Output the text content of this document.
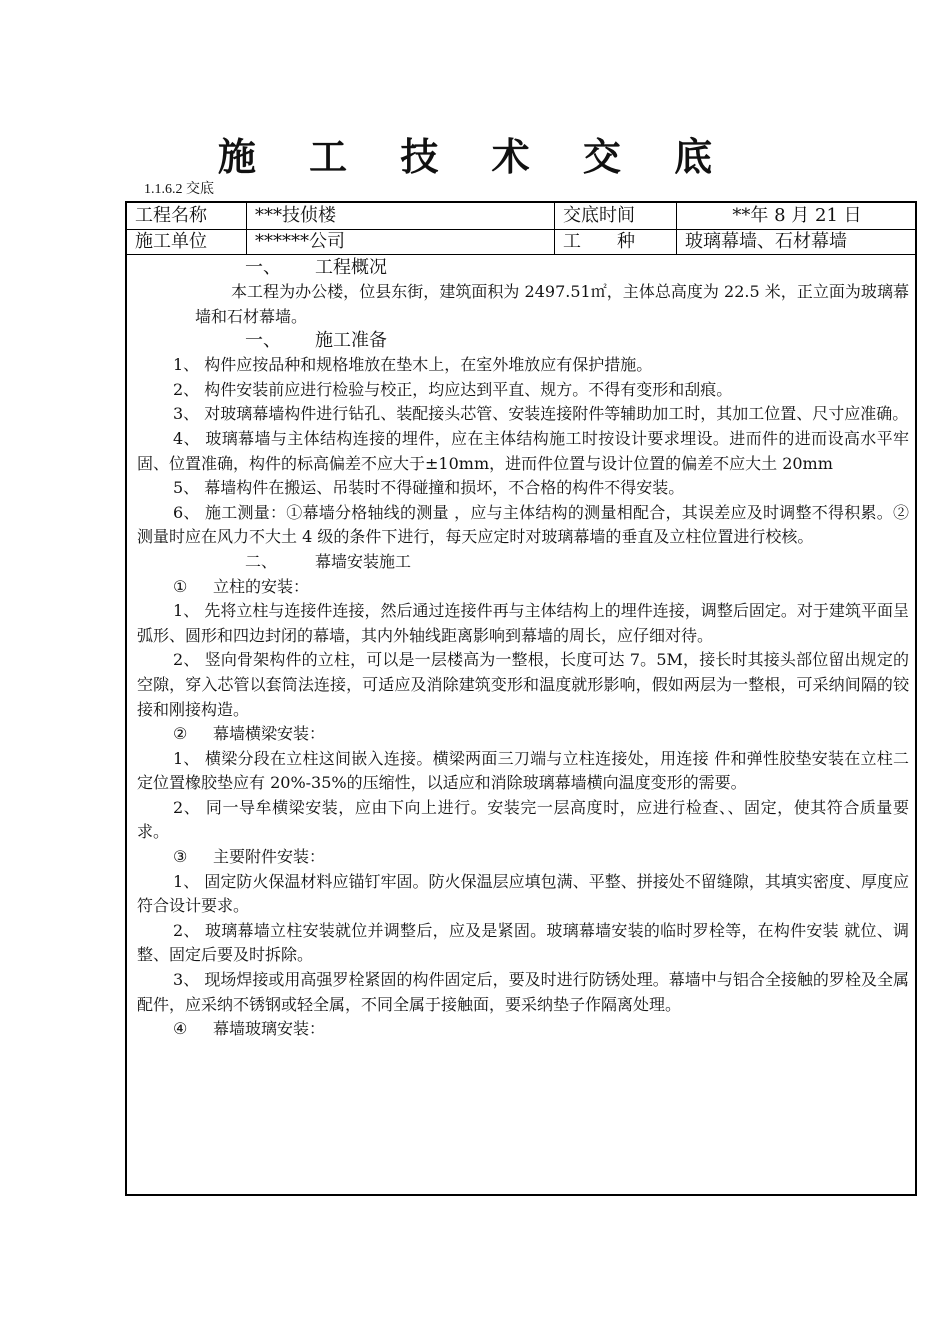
施 工 技 术 交 底
1.1.6.2 交底
工程名称	***技侦楼	交底时间	**年 8 月 21 日
施工单位	******公司	工　　种	玻璃幕墙、石材幕墙

一、 工程概况

本工程为办公楼，位县东街，建筑面积为 2497.51㎡，主体总高度为 22.5 米，正立面为玻璃幕墙和石材幕墙。

一、 施工准备

1、 构件应按品种和规格堆放在垫木上，在室外堆放应有保护措施。

2、 构件安装前应进行检验与校正，均应达到平直、规方。不得有变形和刮痕。

3、 对玻璃幕墙构件进行钻孔、装配接头芯管、安装连接附件等辅助加工时，其加工位置、尺寸应准确。

4、 玻璃幕墙与主体结构连接的埋件，应在主体结构施工时按设计要求埋设。进而件的进而设高水平牢固、位置准确，构件的标高偏差不应大于±10mm，进而件位置与设计位置的偏差不应大土 20mm

5、 幕墙构件在搬运、吊装时不得碰撞和损坏，不合格的构件不得安装。

6、 施工测量：①幕墙分格轴线的测量 ，应与主体结构的测量相配合，其误差应及时调整不得积累。②测量时应在风力不大土 4 级的条件下进行，每天应定时对玻璃幕墙的垂直及立柱位置进行校核。

二、 幕墙安装施工

① 立柱的安装：

1、 先将立柱与连接件连接，然后通过连接件再与主体结构上的埋件连接，调整后固定。对于建筑平面呈弧形、圆形和四边封闭的幕墙，其内外轴线距离影响到幕墙的周长，应仔细对待。

2、 竖向骨架构件的立柱，可以是一层楼高为一整根，长度可达 7。5M，接长时其接头部位留出规定的空隙，穿入芯管以套筒法连接，可适应及消除建筑变形和温度就形影响，假如两层为一整根，可采纳间隔的铰接和刚接构造。

② 幕墙横梁安装：

1、 横梁分段在立柱这间嵌入连接。横梁两面三刀端与立柱连接处，用连接 件和弹性胶垫安装在立柱二定位置橡胶垫应有 20%-35%的压缩性，以适应和消除玻璃幕墙横向温度变形的需要。

2、 同一导牟横梁安装，应由下向上进行。安装完一层高度时，应进行检查、、固定，使其符合质量要求。

③ 主要附件安装：

1、 固定防火保温材料应锚钉牢固。防火保温层应填包满、平整、拼接处不留缝隙，其填实密度、厚度应符合设计要求。

2、 玻璃幕墙立柱安装就位并调整后，应及是紧固。玻璃幕墙安装的临时罗栓等，在构件安装 就位、调整、固定后要及时拆除。

3、 现场焊接或用高强罗栓紧固的构件固定后，要及时进行防锈处理。幕墙中与铝合全接触的罗栓及全属配件，应采纳不锈钢或轻全属，不同全属于接触面，要采纳垫子作隔离处理。

④ 幕墙玻璃安装：
